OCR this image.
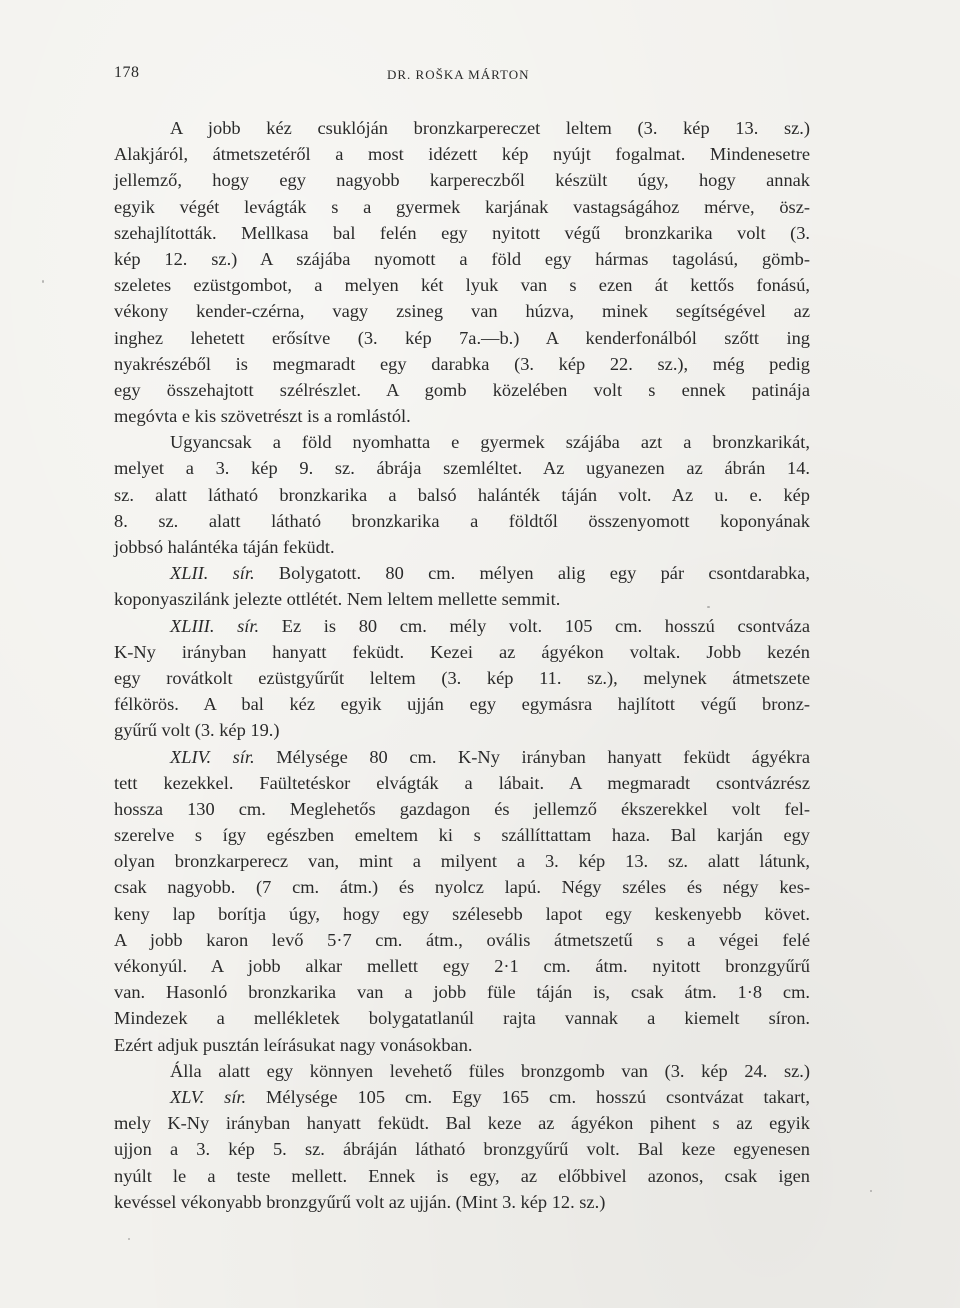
178	DR. ROŠKA MÁRTON
A jobb kéz csuklóján bronzkarpereczet leltem (3. kép 13. sz.)
Alakjáról, átmetszetéről a most idézett kép nyújt fogalmat. Mindenesetre
jellemző, hogy egy nagyobb karpereczből készült úgy, hogy annak
egyik végét levágták s a gyermek karjának vastagságához mérve, ösz-
szehajlították. Mellkasa bal felén egy nyitott végű bronzkarika volt (3.
kép 12. sz.) A szájába nyomott a föld egy hármas tagolású, gömb-
szeletes ezüstgombot, a melyen két lyuk van s ezen át kettős fonású,
vékony kender-czérna, vagy zsineg van húzva, minek segítségével az
inghez lehetett erősítve (3. kép 7a.—b.) A kenderfonálból szőtt ing
nyakrészéből is megmaradt egy darabka (3. kép 22. sz.), még pedig
egy összehajtott szélrészlet. A gomb közelében volt s ennek patinája
megóvta e kis szövetrészt is a romlástól.
Ugyancsak a föld nyomhatta e gyermek szájába azt a bronzkarikát,
melyet a 3. kép 9. sz. ábrája szemléltet. Az ugyanezen az ábrán 14.
sz. alatt látható bronzkarika a balsó halánték táján volt. Az u. e. kép
8. sz. alatt látható bronzkarika a földtől összenyomott koponyának
jobbsó halántéka táján feküdt.
XLII. sír. Bolygatott. 80 cm. mélyen alig egy pár csontdarabka,
koponyaszilánk jelezte ottlétét. Nem leltem mellette semmit.
XLIII. sír. Ez is 80 cm. mély volt. 105 cm. hosszú csontváza
K-Ny irányban hanyatt feküdt. Kezei az ágyékon voltak. Jobb kezén
egy rovátkolt ezüstgyűrűt leltem (3. kép 11. sz.), melynek átmetszete
félkörös. A bal kéz egyik ujján egy egymásra hajlított végű bronz-
gyűrű volt (3. kép 19.)
XLIV. sír. Mélysége 80 cm. K-Ny irányban hanyatt feküdt ágyékra
tett kezekkel. Faültetéskor elvágták a lábait. A megmaradt csontvázrész
hossza 130 cm. Meglehetős gazdagon és jellemző ékszerekkel volt fel-
szerelve s így egészben emeltem ki s szállíttattam haza. Bal karján egy
olyan bronzkarperecz van, mint a milyent a 3. kép 13. sz. alatt látunk,
csak nagyobb. (7 cm. átm.) és nyolcz lapú. Négy széles és négy kes-
keny lap borítja úgy, hogy egy szélesebb lapot egy keskenyebb követ.
A jobb karon levő 5·7 cm. átm., ovális átmetszetű s a végei felé
vékonyúl. A jobb alkar mellett egy 2·1 cm. átm. nyitott bronzgyűrű
van. Hasonló bronzkarika van a jobb füle táján is, csak átm. 1·8 cm.
Mindezek a mellékletek bolygatatlanúl rajta vannak a kiemelt síron.
Ezért adjuk pusztán leírásukat nagy vonásokban.
Álla alatt egy könnyen levehető füles bronzgomb van (3. kép 24. sz.)
XLV. sír. Mélysége 105 cm. Egy 165 cm. hosszú csontvázat takart,
mely K-Ny irányban hanyatt feküdt. Bal keze az ágyékon pihent s az egyik
ujjon a 3. kép 5. sz. ábráján látható bronzgyűrű volt. Bal keze egyenesen
nyúlt le a teste mellett. Ennek is egy, az előbbivel azonos, csak igen
kevéssel vékonyabb bronzgyűrű volt az ujján. (Mint 3. kép 12. sz.)
